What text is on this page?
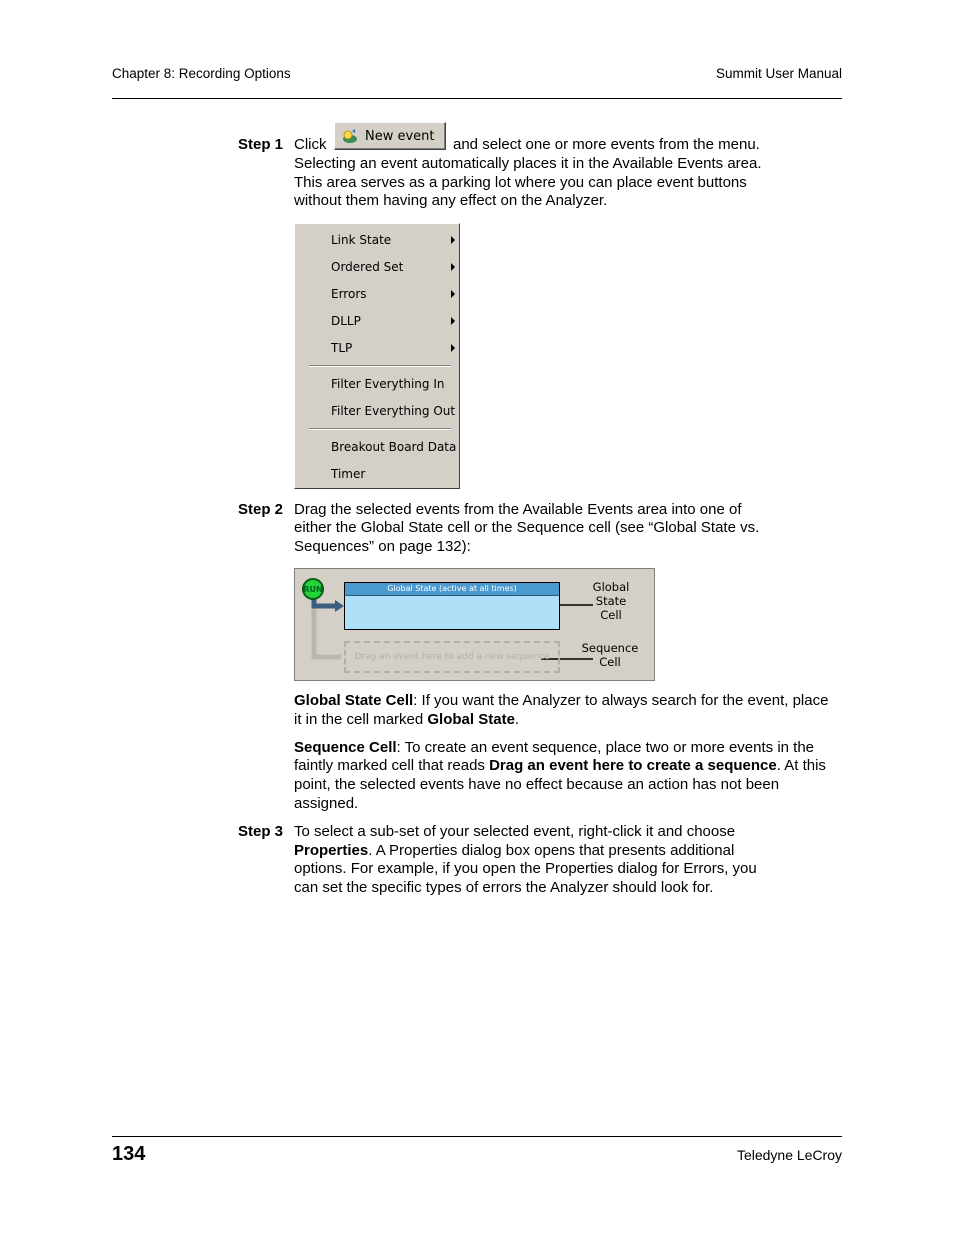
Chapter 8: Recording Options	Summit User Manual
Step 1 Click	New event and select one or more events from the menu.
Selecting an event automatically places it in the Available Events area.
This area serves as a parking lot where you can place event buttons
without them having any effect on the Analyzer.
Link State
Ordered Set
Errors
DLLP
TLP
Filter Everything In
Filter Everything Out
Breakout Board Data
Timer
Step 2 Drag the selected events from the Available Events area into one of
either the Global State cell or the Sequence cell (see “Global State vs.
Sequences” on page 132):
RUN	Global State (active at all times)
Drag an event here to add a new sequence
Global
State
Cell
Sequence
Cell
Global State Cell: If you want the Analyzer to always search for the event, place
it in the cell marked Global State.
Sequence Cell: To create an event sequence, place two or more events in the
faintly marked cell that reads Drag an event here to create a sequence. At this
point, the selected events have no effect because an action has not been
assigned.
Step 3 To select a sub-set of your selected event, right-click it and choose
Properties. A Properties dialog box opens that presents additional
options. For example, if you open the Properties dialog for Errors, you
can set the specific types of errors the Analyzer should look for.
134	Teledyne LeCroy
